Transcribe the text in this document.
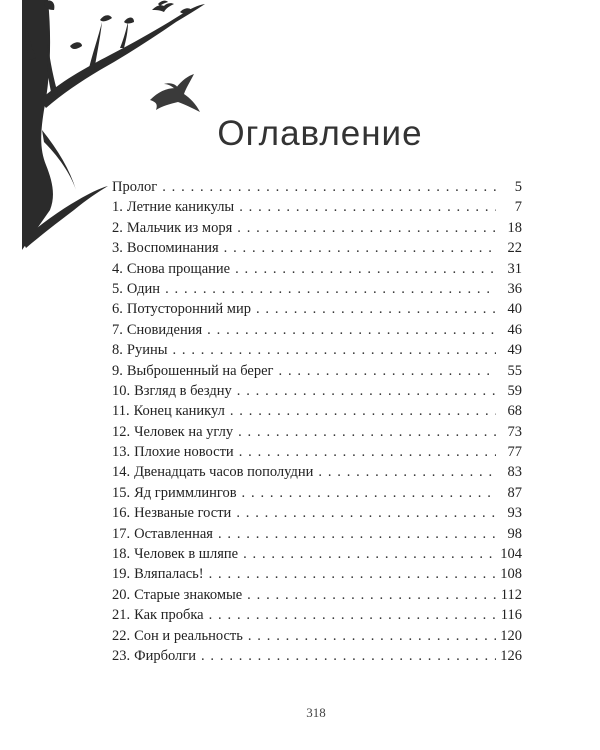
Оглавление
Пролог . . .	5
1. Летние каникулы . . .	7
2. Мальчик из моря . . .	18
3. Воспоминания . . .	22
4. Снова прощание . . .	31
5. Один . . .	36
6. Потусторонний мир . . .	40
7. Сновидения . . .	46
8. Руины . . .	49
9. Выброшенный на берег . . .	55
10. Взгляд в бездну . . .	59
11. Конец каникул . . .	68
12. Человек на углу . . .	73
13. Плохие новости . . .	77
14. Двенадцать часов пополудни . . .	83
15. Яд гриммлингов . . .	87
16. Незваные гости . . .	93
17. Оставленная . . .	98
18. Человек в шляпе . . .	104
19. Вляпалась! . . .	108
20. Старые знакомые . . .	112
21. Как пробка . . .	116
22. Сон и реальность . . .	120
23. Фирболги . . .	126
318
